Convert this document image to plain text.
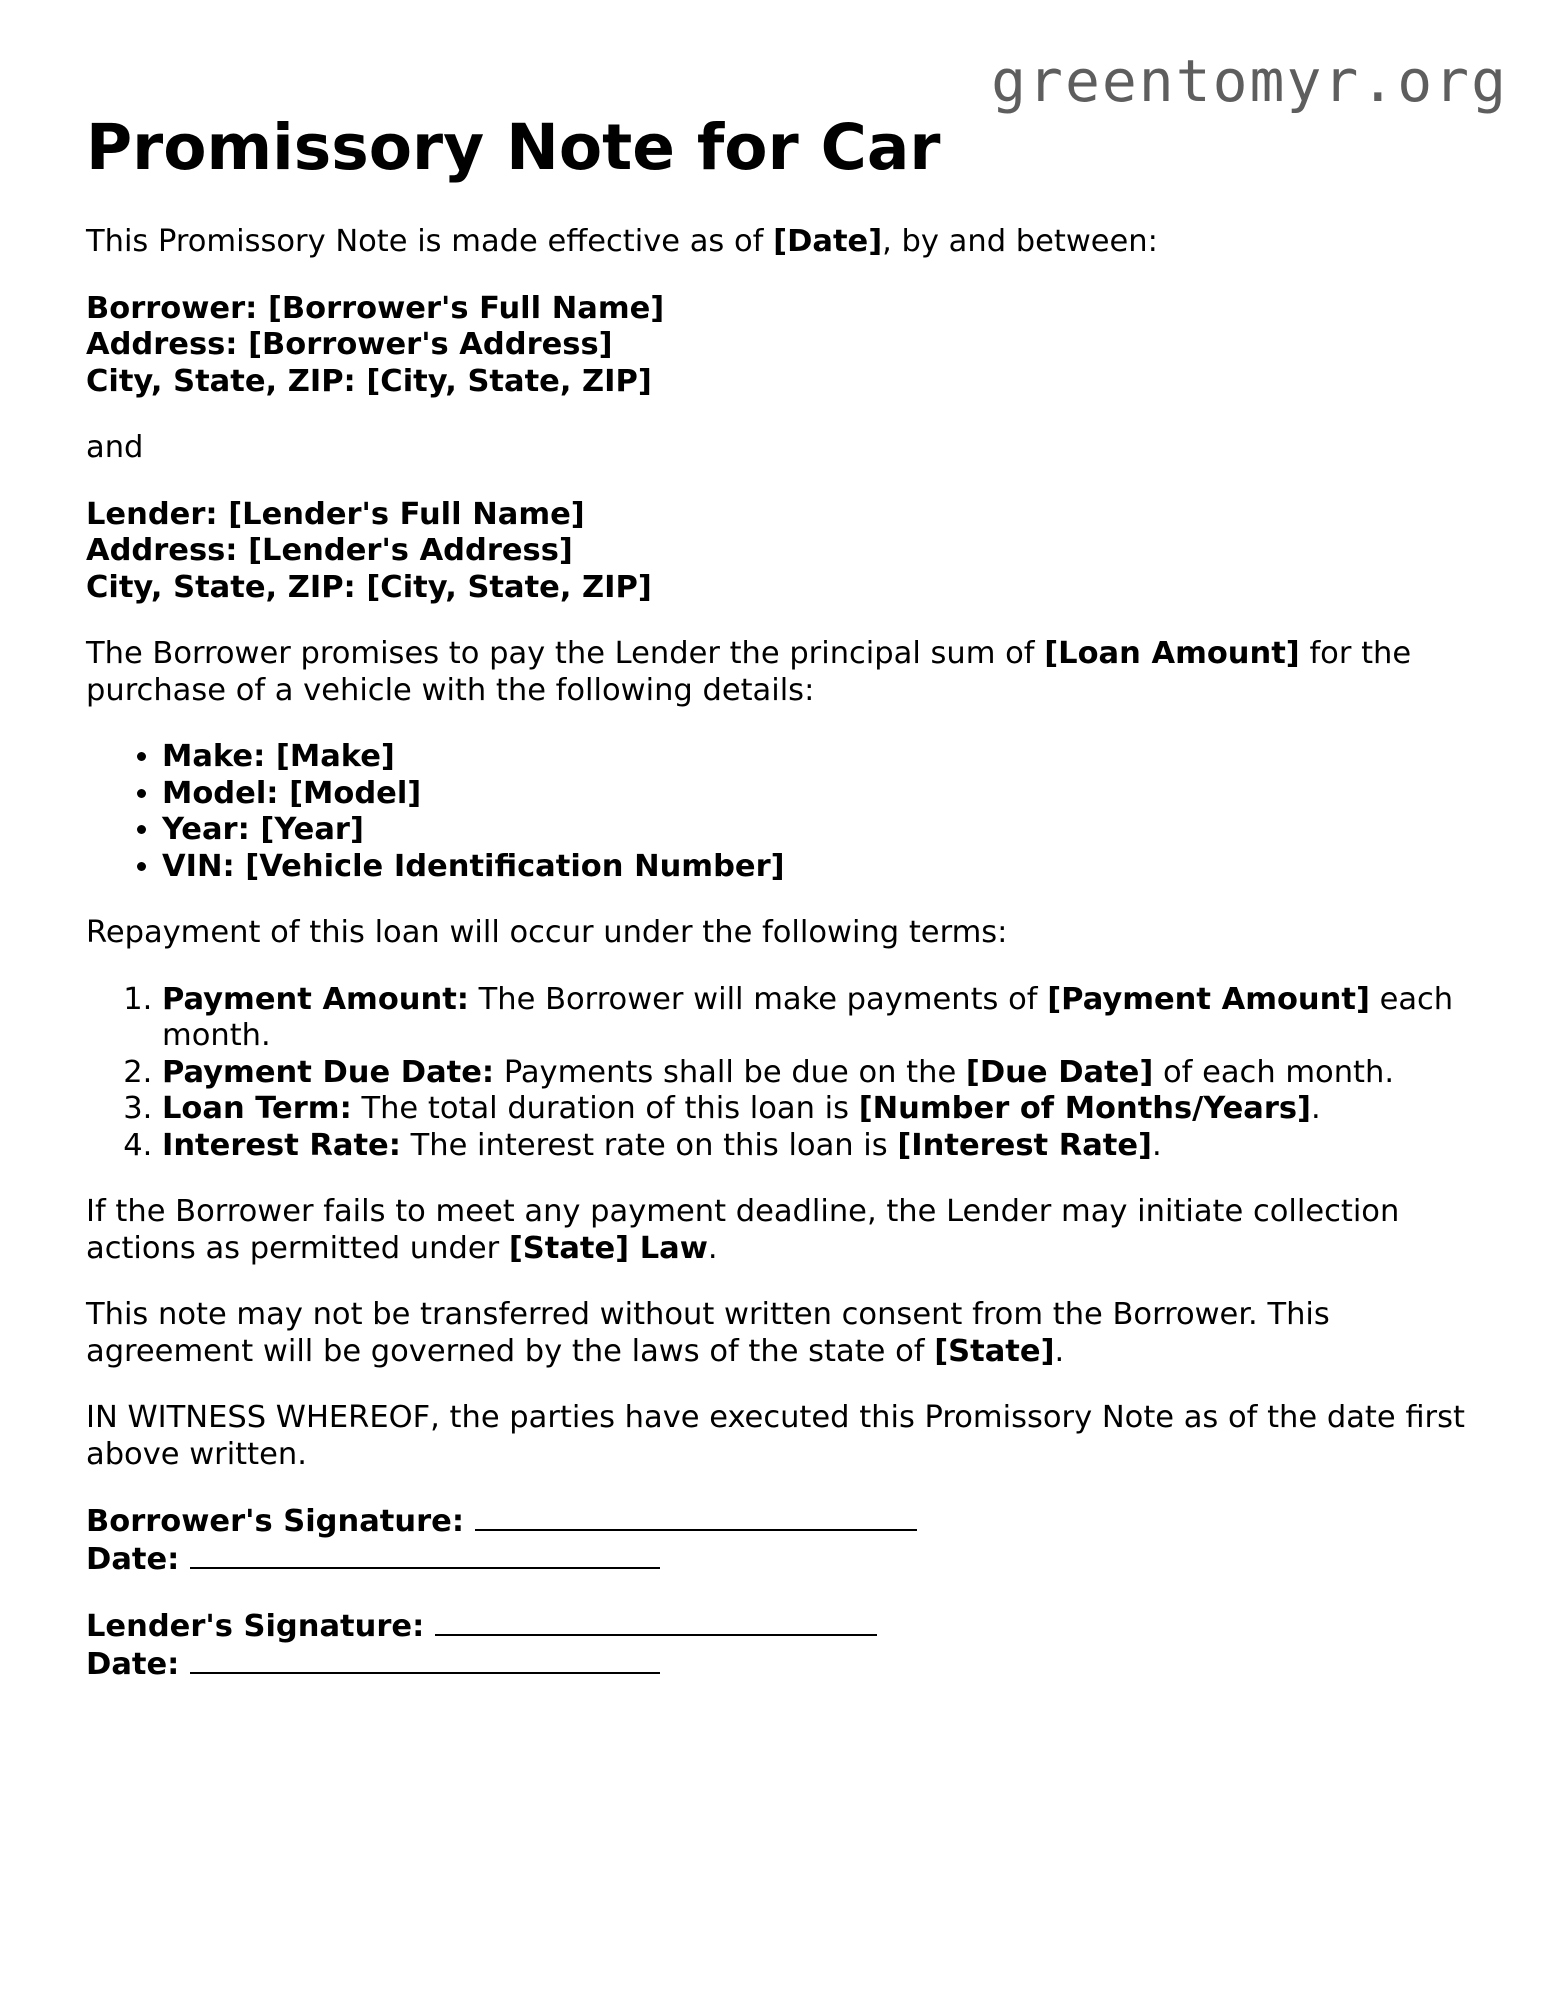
greentomyr.org
Promissory Note for Car

This Promissory Note is made effective as of [Date], by and between:

Borrower: [Borrower's Full Name]
Address: [Borrower's Address]
City, State, ZIP: [City, State, ZIP]

and

Lender: [Lender's Full Name]
Address: [Lender's Address]
City, State, ZIP: [City, State, ZIP]

The Borrower promises to pay the Lender the principal sum of [Loan Amount] for the purchase of a vehicle with the following details:

• Make: [Make]
• Model: [Model]
• Year: [Year]
• VIN: [Vehicle Identification Number]

Repayment of this loan will occur under the following terms:

1. Payment Amount: The Borrower will make payments of [Payment Amount] each month.
2. Payment Due Date: Payments shall be due on the [Due Date] of each month.
3. Loan Term: The total duration of this loan is [Number of Months/Years].
4. Interest Rate: The interest rate on this loan is [Interest Rate].

If the Borrower fails to meet any payment deadline, the Lender may initiate collection actions as permitted under [State] Law.

This note may not be transferred without written consent from the Borrower. This agreement will be governed by the laws of the state of [State].

IN WITNESS WHEREOF, the parties have executed this Promissory Note as of the date first above written.

Borrower's Signature:
Date:

Lender's Signature:
Date:
